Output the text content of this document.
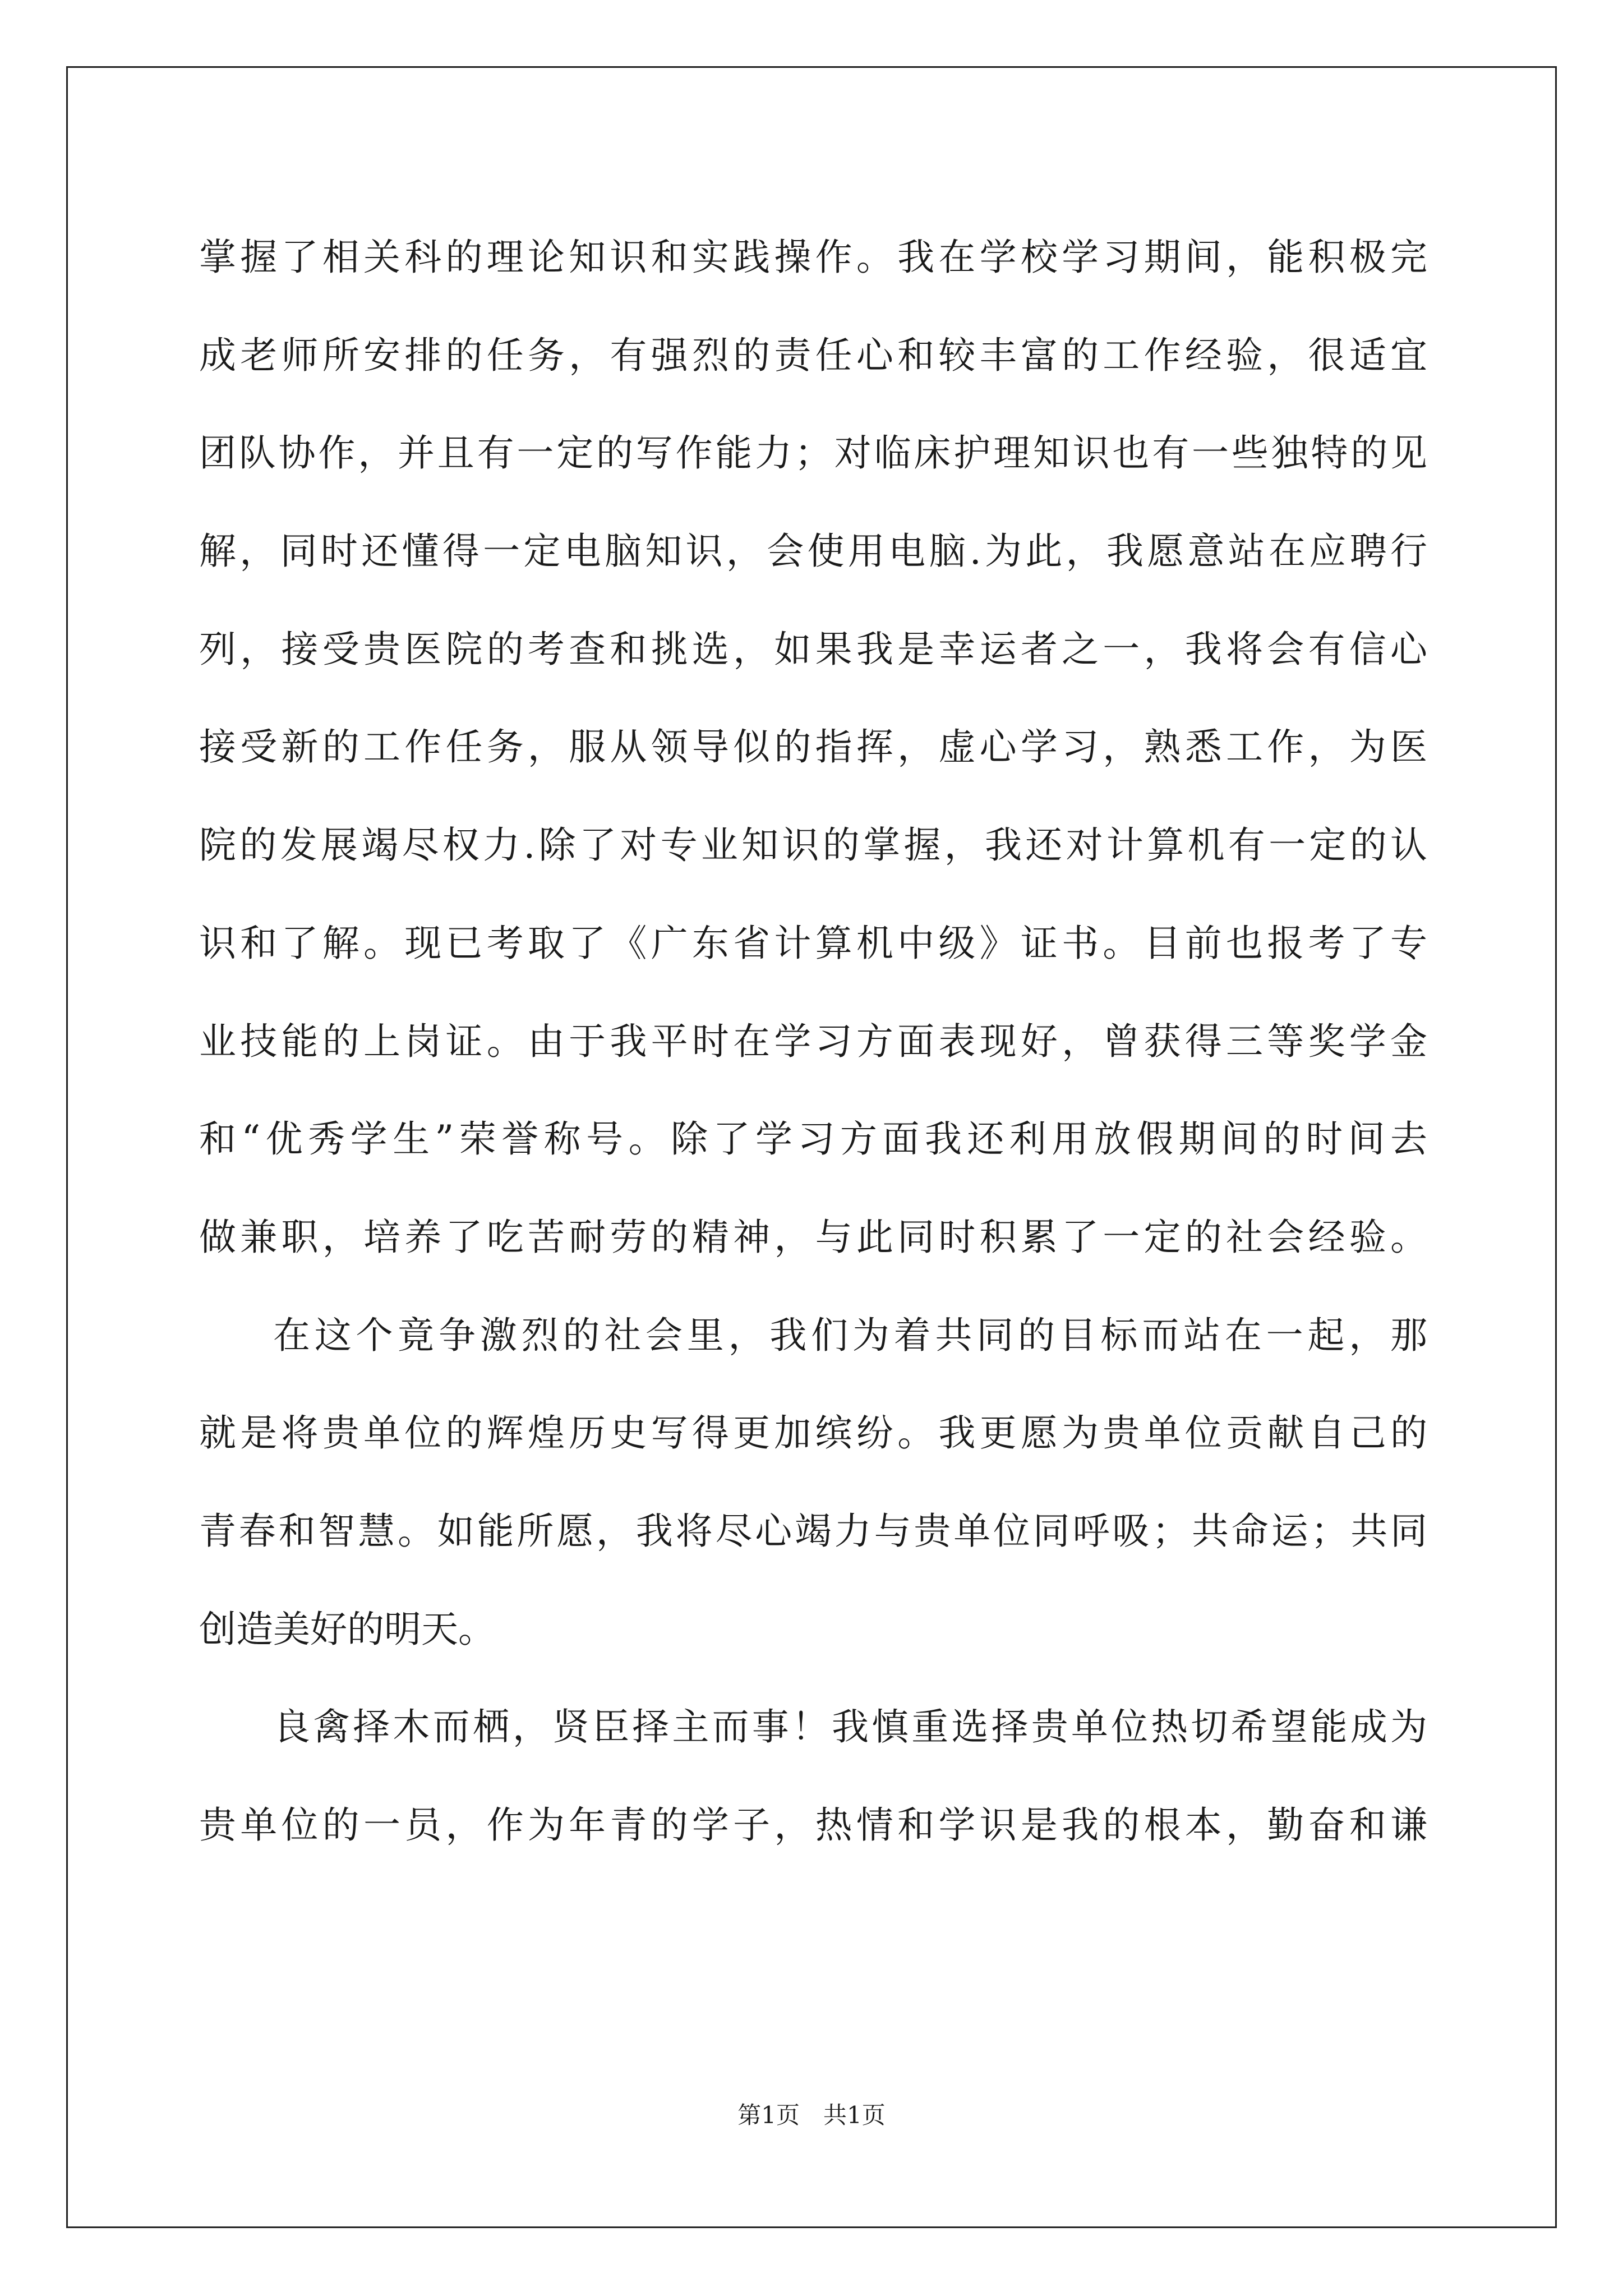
掌握了相关科的理论知识和实践操作。我在学校学习期间，能积极完
成老师所安排的任务，有强烈的责任心和较丰富的工作经验，很适宜
团队协作，并且有一定的写作能力；对临床护理知识也有一些独特的见
解，同时还懂得一定电脑知识，会使用电脑.为此，我愿意站在应聘行
列，接受贵医院的考查和挑选，如果我是幸运者之一，我将会有信心
接受新的工作任务，服从领导似的指挥，虚心学习，熟悉工作，为医
院的发展竭尽权力.除了对专业知识的掌握，我还对计算机有一定的认
识和了解。现已考取了《广东省计算机中级》证书。目前也报考了专
业技能的上岗证。由于我平时在学习方面表现好，曾获得三等奖学金
和“优秀学生”荣誉称号。除了学习方面我还利用放假期间的时间去
做兼职，培养了吃苦耐劳的精神，与此同时积累了一定的社会经验。
在这个竟争激烈的社会里，我们为着共同的目标而站在一起，那
就是将贵单位的辉煌历史写得更加缤纷。我更愿为贵单位贡献自己的
青春和智慧。如能所愿，我将尽心竭力与贵单位同呼吸；共命运；共同
创造美好的明天。
良禽择木而栖，贤臣择主而事！我慎重选择贵单位热切希望能成为
贵单位的一员，作为年青的学子，热情和学识是我的根本，勤奋和谦
第1页　共1页
